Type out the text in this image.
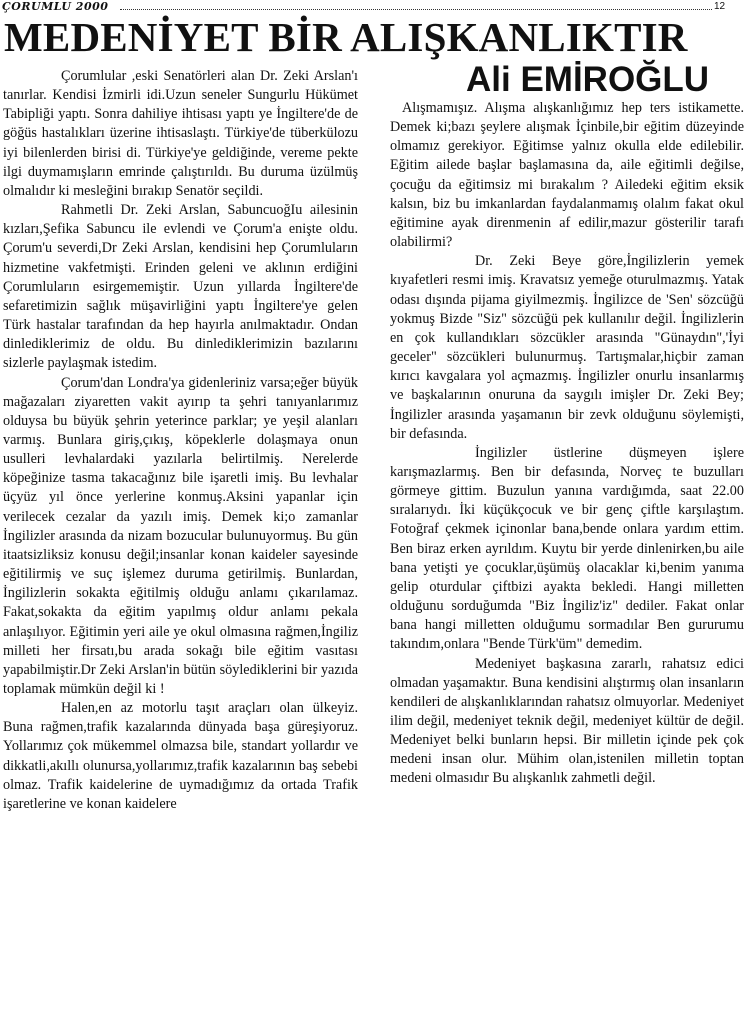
ÇORUMLU 2000	12
MEDENİYET BİR ALIŞKANLIKTIR
Ali EMİROĞLU

Çorumlular ,eski Senatörleri alan Dr. Zeki Arslan'ı tanırlar. Kendisi İzmirli idi.Uzun seneler Sungurlu Hükümet Tabipliği yaptı. Sonra dahiliye ihtisası yaptı ye İngiltere'de de göğüs hastalıkları üzerine ihtisaslaştı. Türkiye'de tüberkülozu iyi bilenlerden birisi di. Türkiye'ye geldiğinde, vereme pekte ilgi duymamışların emrinde çalıştırıldı. Bu duruma üzülmüş olmalıdır ki mesleğini bırakıp Senatör seçildi.

Rahmetli Dr. Zeki Arslan, SabuncuoğIu ailesinin kızları,Şefika Sabuncu ile evlendi ve Çorum'a enişte oldu. Çorum'u severdi,Dr Zeki Arslan, kendisini hep Çorumluların hizmetine vakfetmişti. Erinden geleni ve aklının erdiğini Çorumluların esirgememiştir. Uzun yıllarda İngiltere'de sefaretimizin sağlık müşavirliğini yaptı İngiltere'ye gelen Türk hastalar tarafından da hep hayırla anılmaktadır. Ondan dinlediklerimiz de oldu. Bu dinlediklerimizin bazılarını sizlerle paylaşmak istedim.

Çorum'dan Londra'ya gidenleriniz varsa;eğer büyük mağazaları ziyaretten vakit ayırıp ta şehri tanıyanlarımız olduysa bu büyük şehrin yeterince parklar; ye yeşil alanları varmış. Bunlara giriş,çıkış, köpeklerle dolaşmaya onun usulleri levhalardaki yazılarla belirtilmiş. Nerelerde köpeğinize tasma takacağınız bile işaretli imiş. Bu levhalar üçyüz yıl önce yerlerine konmuş.Aksini yapanlar için verilecek cezalar da yazılı imiş. Demek ki;o zamanlar İngilizler arasında da nizam bozucular bulunuyormuş. Bu gün itaatsizliksiz konusu değil;insanlar konan kaideler sayesinde eğitilirmiş ve suç işlemez duruma getirilmiş. Bunlardan, İngilizlerin sokakta eğitilmiş olduğu anlamı çıkarılamaz. Fakat,sokakta da eğitim yapılmış oldur anlamı pekala anlaşılıyor. Eğitimin yeri aile ye okul olmasına rağmen,İngiliz milleti her firsatı,bu arada sokağı bile eğitim vasıtası yapabilmiştir.Dr Zeki Arslan'in bütün söylediklerini bir yazıda toplamak mümkün değil ki !

Halen,en az motorlu taşıt araçları olan ülkeyiz. Buna rağmen,trafik kazalarında dünyada başa güreşiyoruz. Yollarımız çok mükemmel olmazsa bile, standart yollardır ve dikkatli,akıllı olunursa,yollarımız,trafik kazalarının baş sebebi olmaz. Trafik kaidelerine de uymadığımız da ortada Trafik işaretlerine ve konan kaidelere

Alışmamışız. Alışma alışkanlığımız hep ters istikamette. Demek ki;bazı şeylere alışmak İçinbile,bir eğitim düzeyinde olmamız gerekiyor. Eğitimse yalnız okulla elde edilebilir. Eğitim ailede başlar başlamasına da, aile eğitimli değilse, çocuğu da eğitimsiz mi bırakalım ? Ailedeki eğitim eksik kalsın, biz bu imkanlardan faydalanmamış olalım fakat okul eğitimine ayak direnmenin af edilir,mazur gösterilir tarafı olabilirmi?

Dr. Zeki Beye göre,İngilizlerin yemek kıyafetleri resmi imiş. Kravatsız yemeğe oturulmazmış. Yatak odası dışında pijama giyilmezmiş. İngilizce de 'Sen' sözcüğü yokmuş Bizde "Siz" sözcüğü pek kullanılır değil. İngilizlerin en çok kullandıkları sözcükler arasında "Günaydın",'İyi geceler" sözcükleri bulunurmuş. Tartışmalar,hiçbir zaman kırıcı kavgalara yol açmazmış. İngilizler onurlu insanlarmış ve başkalarının onuruna da saygılı imişler Dr. Zeki Bey; İngilizler arasında yaşamanın bir zevk olduğunu söylemişti, bir defasında.

İngilizler üstlerine düşmeyen işlere karışmazlarmış. Ben bir defasında, Norveç te buzulları görmeye gittim. Buzulun yanına vardığımda, saat 22.00 sıralarıydı. İki küçükçocuk ve bir genç çiftle karşılaştım. Fotoğraf çekmek içinonlar bana,bende onlara yardım ettim. Ben biraz erken ayrıldım. Kuytu bir yerde dinlenirken,bu aile bana yetişti ye çocuklar,üşümüş olacaklar ki,benim yanıma gelip oturdular çiftbizi ayakta bekledi. Hangi milletten olduğunu sorduğumda "Biz İngiliz'iz" dediler. Fakat onlar bana hangi milletten olduğumu sormadılar Ben gururumu takındım,onlara "Bende Türk'üm" demedim.

Medeniyet başkasına zararlı, rahatsız edici olmadan yaşamaktır. Buna kendisini alıştırmış olan insanların kendileri de alışkanlıklarından rahatsız olmuyorlar. Medeniyet ilim değil, medeniyet teknik değil, medeniyet kültür de değil. Medeniyet belki bunların hepsi. Bir milletin içinde pek çok medeni insan olur. Mühim olan,istenilen milletin toptan medeni olmasıdır Bu alışkanlık zahmetli değil.
